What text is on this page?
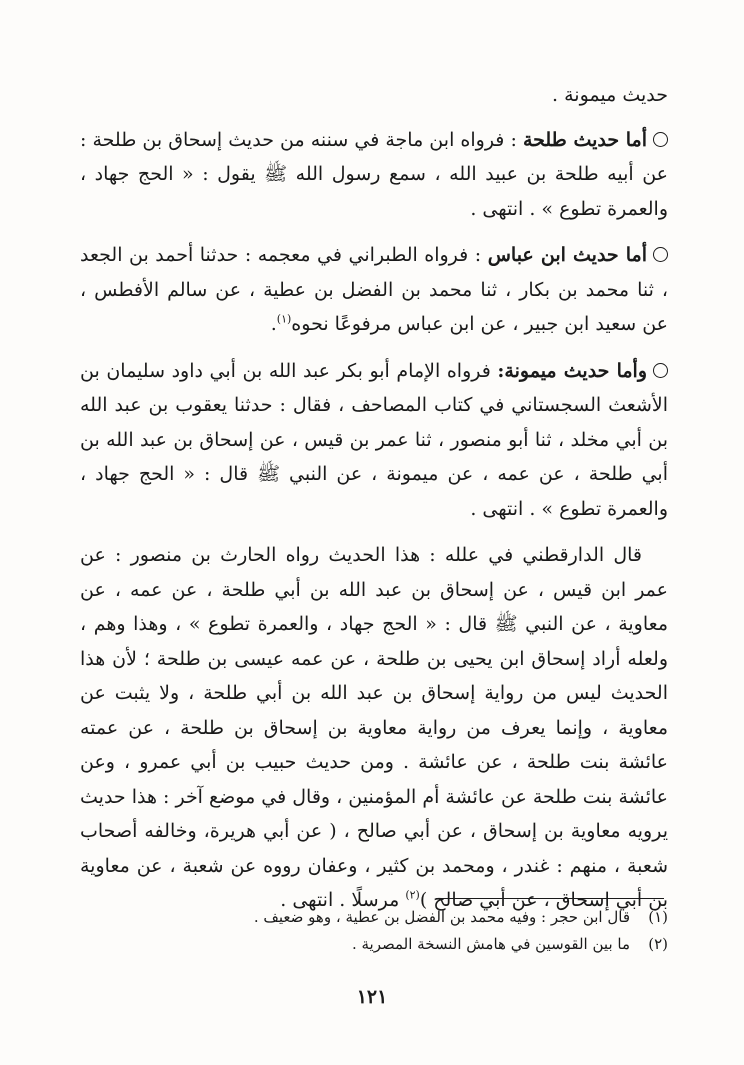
حديث ميمونة .

أما حديث طلحة : فرواه ابن ماجة في سننه من حديث إسحاق بن طلحة : عن أبيه طلحة بن عبيد الله ، سمع رسول الله ﷺ يقول : « الحج جهاد ، والعمرة تطوع » . انتهى .

أما حديث ابن عباس : فرواه الطبراني في معجمه : حدثنا أحمد بن الجعد ، ثنا محمد بن بكار ، ثنا محمد بن الفضل بن عطية ، عن سالم الأفطس ، عن سعيد ابن جبير ، عن ابن عباس مرفوعًا نحوه$^{(١)}$.

وأما حديث ميمونة: فرواه الإمام أبو بكر عبد الله بن أبي داود سليمان بن الأشعث السجستاني في كتاب المصاحف ، فقال : حدثنا يعقوب بن عبد الله بن أبي مخلد ، ثنا أبو منصور ، ثنا عمر بن قيس ، عن إسحاق بن عبد الله بن أبي طلحة ، عن عمه ، عن ميمونة ، عن النبي ﷺ قال : « الحج جهاد ، والعمرة تطوع » . انتهى .

قال الدارقطني في علله : هذا الحديث رواه الحارث بن منصور : عن عمر ابن قيس ، عن إسحاق بن عبد الله بن أبي طلحة ، عن عمه ، عن معاوية ، عن النبي ﷺ قال : « الحج جهاد ، والعمرة تطوع » ، وهذا وهم ، ولعله أراد إسحاق ابن يحيى بن طلحة ، عن عمه عيسى بن طلحة ؛ لأن هذا الحديث ليس من رواية إسحاق بن عبد الله بن أبي طلحة ، ولا يثبت عن معاوية ، وإنما يعرف من رواية معاوية بن إسحاق بن طلحة ، عن عمته عائشة بنت طلحة ، عن عائشة . ومن حديث حبيب بن أبي عمرو ، وعن عائشة بنت طلحة عن عائشة أم المؤمنين ، وقال في موضع آخر : هذا حديث يرويه معاوية بن إسحاق ، عن أبي صالح ، ( عن أبي هريرة، وخالفه أصحاب شعبة ، منهم : غندر ، ومحمد بن كثير ، وعفان رووه عن شعبة ، عن معاوية بن أبي إسحاق ، عن أبي صالح )$^{(٢)}$ مرسلًا . انتهى .

(١)قال ابن حجر : وفيه محمد بن الفضل بن عطية ، وهو ضعيف .
(٢)ما بين القوسين في هامش النسخة المصرية .
١٢١
